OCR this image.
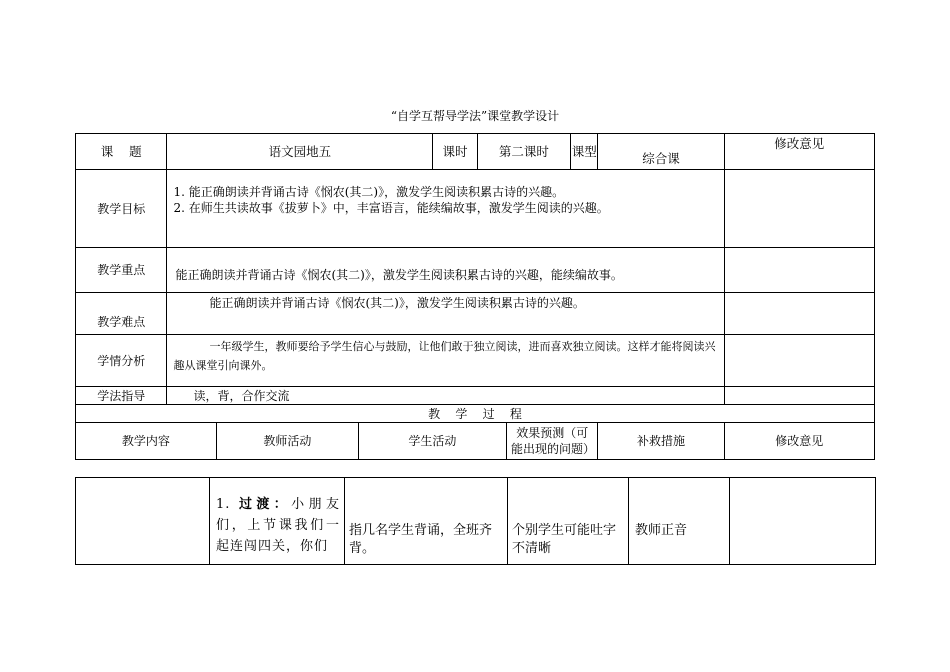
“自学互帮导学法”课堂教学设计
课    题	语文园地五			课时	第二课时		课型	综合课	修改意见
教学目标	1. 能正确朗读并背诵古诗《悯农(其二)》，激发学生阅读积累古诗的兴趣。
2. 在师生共读故事《拔萝卜》中，丰富语言，能续编故事，激发学生阅读的兴趣。								

教学重点	能正确朗读并背诵古诗《悯农(其二)》，激发学生阅读积累古诗的兴趣，能续编故事。								
教学难点	能正确朗读并背诵古诗《悯农(其二)》，激发学生阅读积累古诗的兴趣。								
学情分析	一年级学生，教师要给予学生信心与鼓励，让他们敢于独立阅读，进而喜欢独立阅读。这样才能将阅读兴趣从课堂引向课外。								
学法指导	读，背，合作交流								
教    学    过    程									
教学内容		教师活动	学生活动			效果预测（可能出现的问题）		补救措施	修改意见
	1. 过渡：小朋友们，上节课我们一起连闯四关，你们	指几名学生背诵，全班齐背。	个别学生可能吐字不清晰	教师正音	
